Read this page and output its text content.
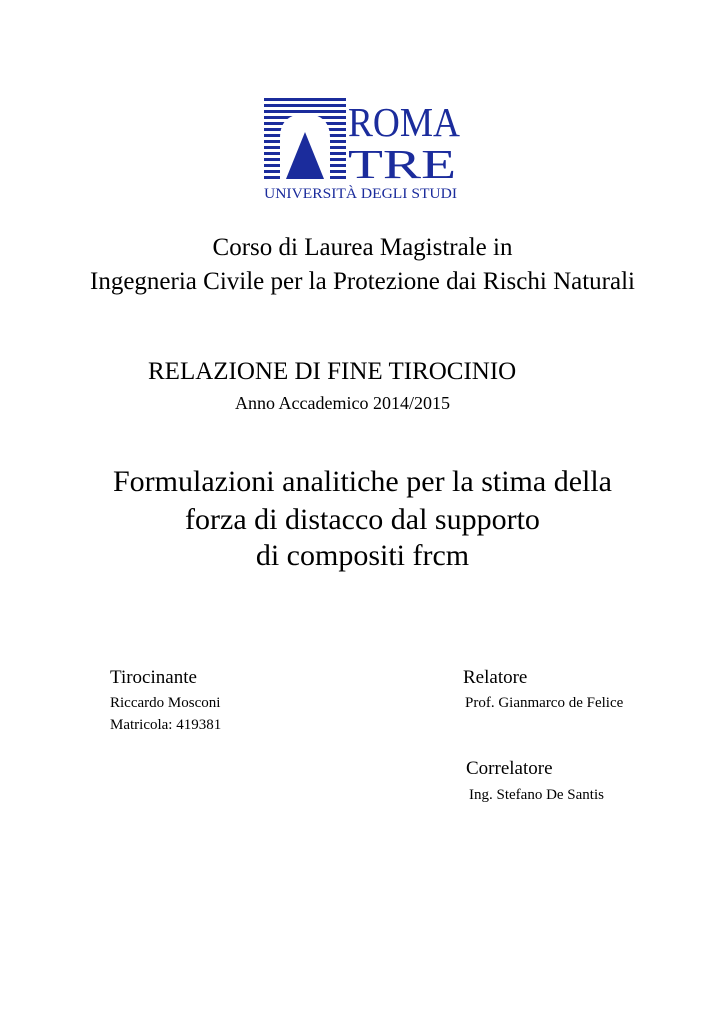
ROMA
TRE
UNIVERSITÀ DEGLI STUDI
Corso di Laurea Magistrale in
Ingegneria Civile per la Protezione dai Rischi Naturali
RELAZIONE DI FINE TIROCINIO
Anno Accademico 2014/2015
Formulazioni analitiche per la stima della
forza di distacco dal supporto
di compositi frcm
Tirocinante
Riccardo Mosconi
Matricola: 419381
Relatore
Prof. Gianmarco de Felice
Correlatore
Ing. Stefano De Santis
